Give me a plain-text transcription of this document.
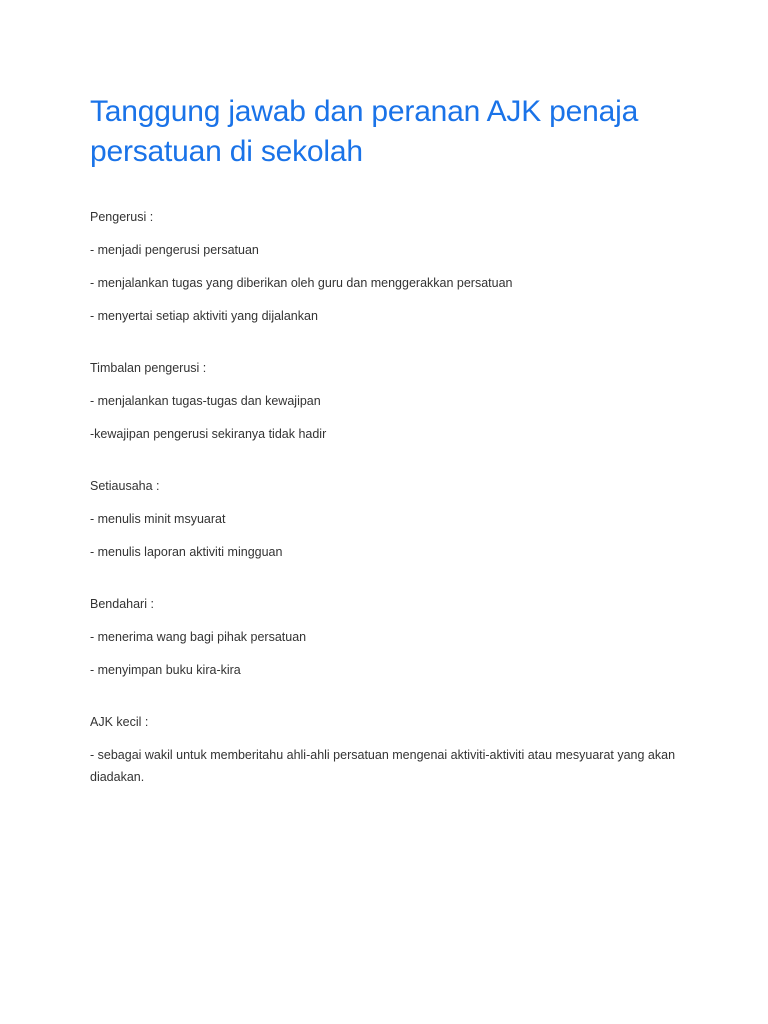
Tanggung jawab dan peranan AJK penaja persatuan di sekolah

Pengerusi :

- menjadi pengerusi persatuan

- menjalankan tugas yang diberikan oleh guru dan menggerakkan persatuan

- menyertai setiap aktiviti yang dijalankan

Timbalan pengerusi :

- menjalankan tugas-tugas dan kewajipan

-kewajipan pengerusi sekiranya tidak hadir

Setiausaha :

- menulis minit msyuarat

- menulis laporan aktiviti mingguan

Bendahari :

- menerima wang bagi pihak persatuan

- menyimpan buku kira-kira

AJK kecil :

- sebagai wakil untuk memberitahu ahli-ahli persatuan mengenai aktiviti-aktiviti atau mesyuarat yang akan diadakan.
